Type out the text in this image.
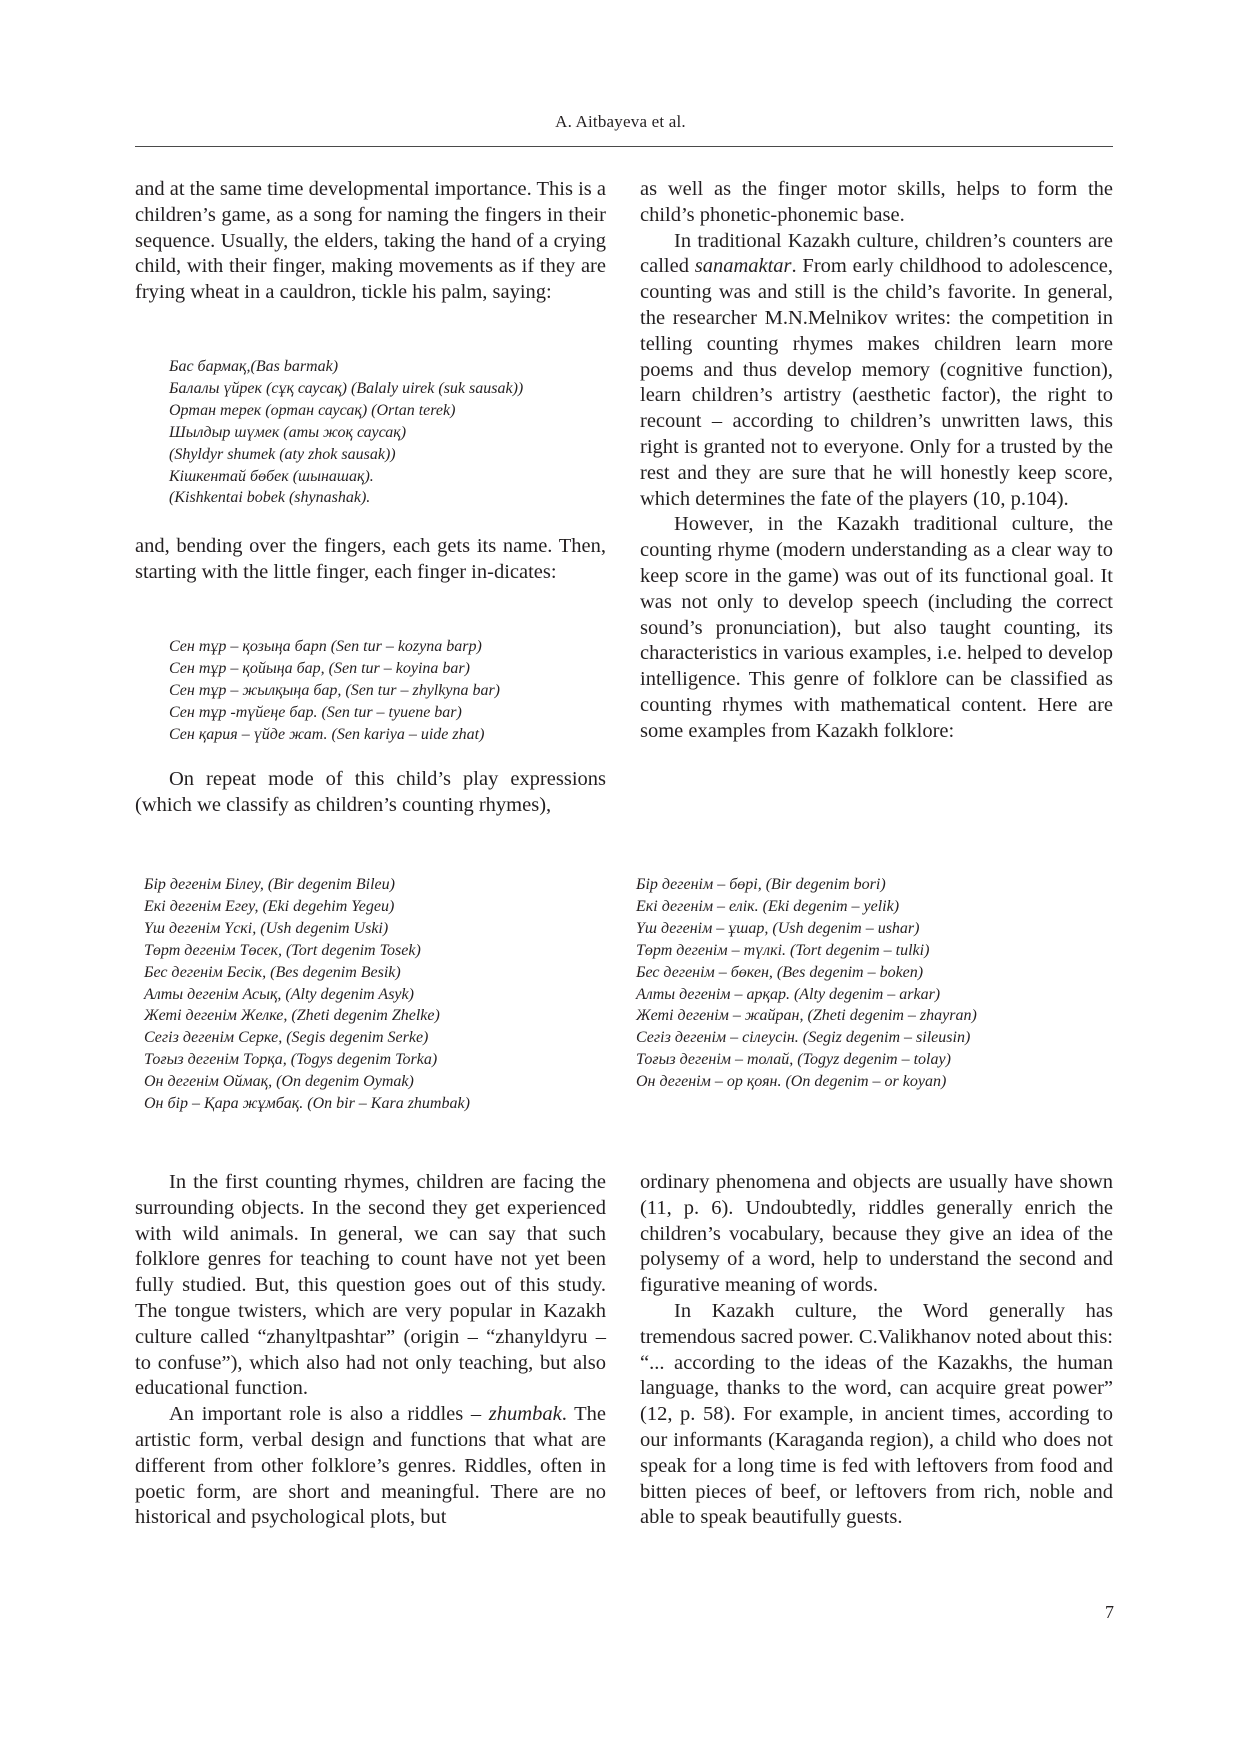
A. Aitbayeva et al.

and at the same time developmental importance. This is a children’s game, as a song for naming the fingers in their sequence. Usually, the elders, taking the hand of a crying child, with their finger, making movements as if they are frying wheat in a cauldron, tickle his palm, saying:

Бас бармақ,(Bas barmak)
Балалы үйрек (сұқ саусақ) (Balaly uirek (suk sausak))
Ортан терек (ортан саусақ) (Ortan terek)
Шылдыр шүмек (аты жоқ саусақ)
(Shyldyr shumek (aty zhok sausak))
Кішкентай бөбек (шынашақ).
(Kishkentai bobek (shynashak).

and, bending over the fingers, each gets its name. Then, starting with the little finger, each finger in-dicates:

Сен тұр – қозыңа барп (Sen tur – kozyna barp)
Сен тұр – қойыңа бар, (Sen tur – koyina bar)
Сен тұр – жылқыңа бар, (Sen tur – zhylkyna bar)
Сен тұр -түйеңе бар. (Sen tur – tyuene bar)
Сен қария – үйде жат. (Sen kariya – uide zhat)

On repeat mode of this child’s play expressions (which we classify as children’s counting rhymes),

as well as the finger motor skills, helps to form the child’s phonetic-phonemic base.

In traditional Kazakh culture, children’s counters are called sanamaktar. From early childhood to adolescence, counting was and still is the child’s favorite. In general, the researcher M.N.Melnikov writes: the competition in telling counting rhymes makes children learn more poems and thus develop memory (cognitive function), learn children’s artistry (aesthetic factor), the right to recount – according to children’s unwritten laws, this right is granted not to everyone. Only for a trusted by the rest and they are sure that he will honestly keep score, which determines the fate of the players (10, p.104).

However, in the Kazakh traditional culture, the counting rhyme (modern understanding as a clear way to keep score in the game) was out of its functional goal. It was not only to develop speech (including the correct sound’s pronunciation), but also taught counting, its characteristics in various examples, i.e. helped to develop intelligence. This genre of folklore can be classified as counting rhymes with mathematical content. Here are some examples from Kazakh folklore:

Бір дегенім Білеу, (Bir degenim Bileu)
Екі дегенім Егеу, (Eki degehim Yegeu)
Үш дегенім Үскі, (Ush degenim Uski)
Төрт дегенім Төсек, (Tort degenim Tosek)
Бес дегенім Бесік, (Bes degenim Besik)
Алты дегенім Асық, (Alty degenim Asyk)
Жеті дегенім Желке, (Zheti degenim Zhelke)
Сегіз дегенім Серке, (Segis degenim Serke)
Тоғыз дегенім Торқа, (Togys degenim Torka)
Он дегенім Оймақ, (On degenim Oymak)
Он бір – Қара жұмбақ. (On bir – Kara zhumbak)
Бір дегенім – бөрі, (Bir degenim bori)
Екі дегенім – елік. (Eki degenim – yelik)
Үш дегенім – ұшар, (Ush degenim – ushar)
Төрт дегенім – түлкі. (Tort degenim – tulki)
Бес дегенім – бөкен, (Bes degenim – boken)
Алты дегенім – арқар. (Alty degenim – arkar)
Жеті дегенім – жайран, (Zheti degenim – zhayran)
Сегіз дегенім – сілеусін. (Segiz degenim – sileusin)
Тоғыз дегенім – толай, (Togyz degenim – tolay)
Он дегенім – ор қоян. (On degenim – or koyan)

In the first counting rhymes, children are facing the surrounding objects. In the second they get experienced with wild animals. In general, we can say that such folklore genres for teaching to count have not yet been fully studied. But, this question goes out of this study. The tongue twisters, which are very popular in Kazakh culture called “zhanyltpashtar” (origin – “zhanyldyru – to confuse”), which also had not only teaching, but also educational function.

An important role is also a riddles – zhumbak. The artistic form, verbal design and functions that what are different from other folklore’s genres. Riddles, often in poetic form, are short and meaningful. There are no historical and psychological plots, but

ordinary phenomena and objects are usually have shown (11, p. 6). Undoubtedly, riddles generally enrich the children’s vocabulary, because they give an idea of the polysemy of a word, help to understand the second and figurative meaning of words.

In Kazakh culture, the Word generally has tremendous sacred power. C.Valikhanov noted about this: “... according to the ideas of the Kazakhs, the human language, thanks to the word, can acquire great power” (12, p. 58). For example, in ancient times, according to our informants (Karaganda region), a child who does not speak for a long time is fed with leftovers from food and bitten pieces of beef, or leftovers from rich, noble and able to speak beautifully guests.

7
